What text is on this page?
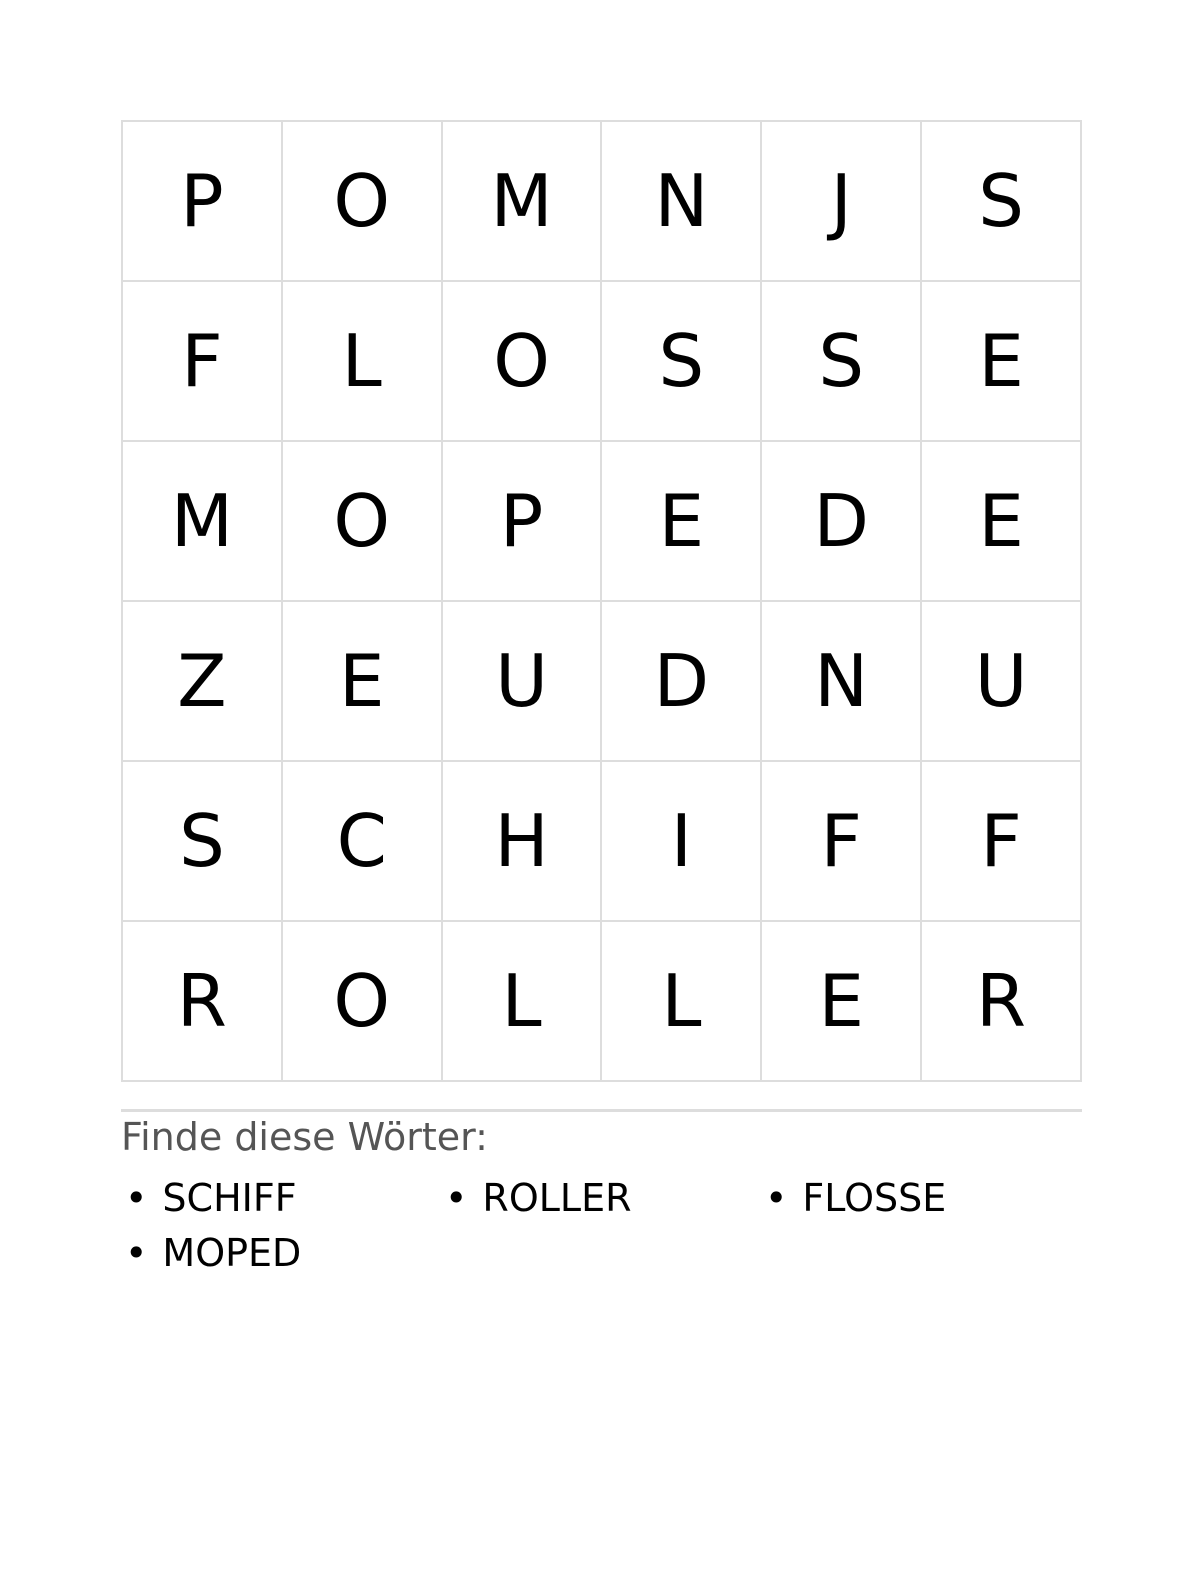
P	O	M	N	J	S
F	L	O	S	S	E
M	O	P	E	D	E
Z	E	U	D	N	U
S	C	H	I	F	F
R	O	L	L	E	R
Finde diese Wörter:
• SCHIFF	• ROLLER	• FLOSSE
• MOPED
